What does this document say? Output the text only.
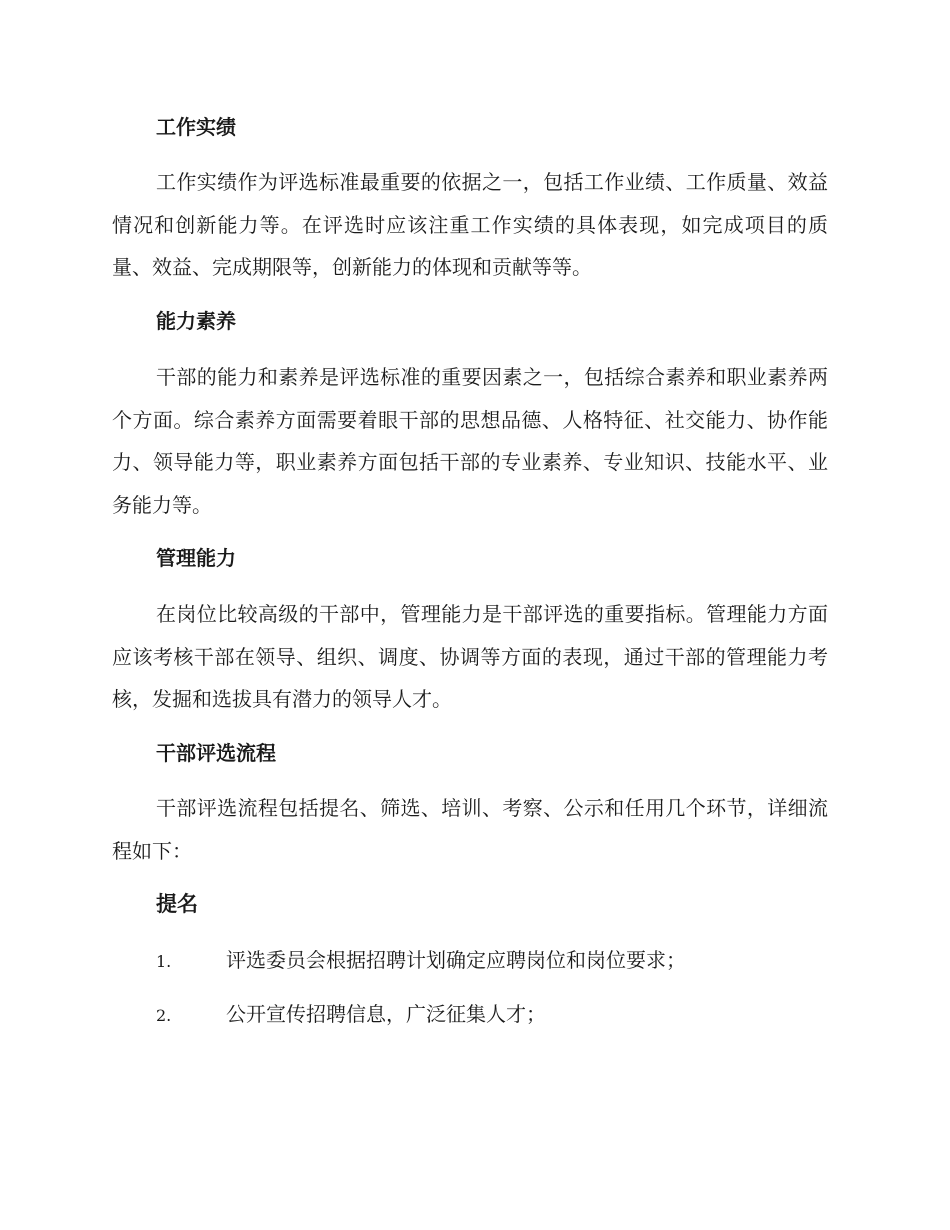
工作实绩

工作实绩作为评选标准最重要的依据之一，包括工作业绩、工作质量、效益情况和创新能力等。在评选时应该注重工作实绩的具体表现，如完成项目的质量、效益、完成期限等，创新能力的体现和贡献等等。

能力素养

干部的能力和素养是评选标准的重要因素之一，包括综合素养和职业素养两个方面。综合素养方面需要着眼干部的思想品德、人格特征、社交能力、协作能力、领导能力等，职业素养方面包括干部的专业素养、专业知识、技能水平、业务能力等。

管理能力

在岗位比较高级的干部中，管理能力是干部评选的重要指标。管理能力方面应该考核干部在领导、组织、调度、协调等方面的表现，通过干部的管理能力考核，发掘和选拔具有潜力的领导人才。

干部评选流程

干部评选流程包括提名、筛选、培训、考察、公示和任用几个环节，详细流程如下：

提名
1.	评选委员会根据招聘计划确定应聘岗位和岗位要求；
2.	公开宣传招聘信息，广泛征集人才；
